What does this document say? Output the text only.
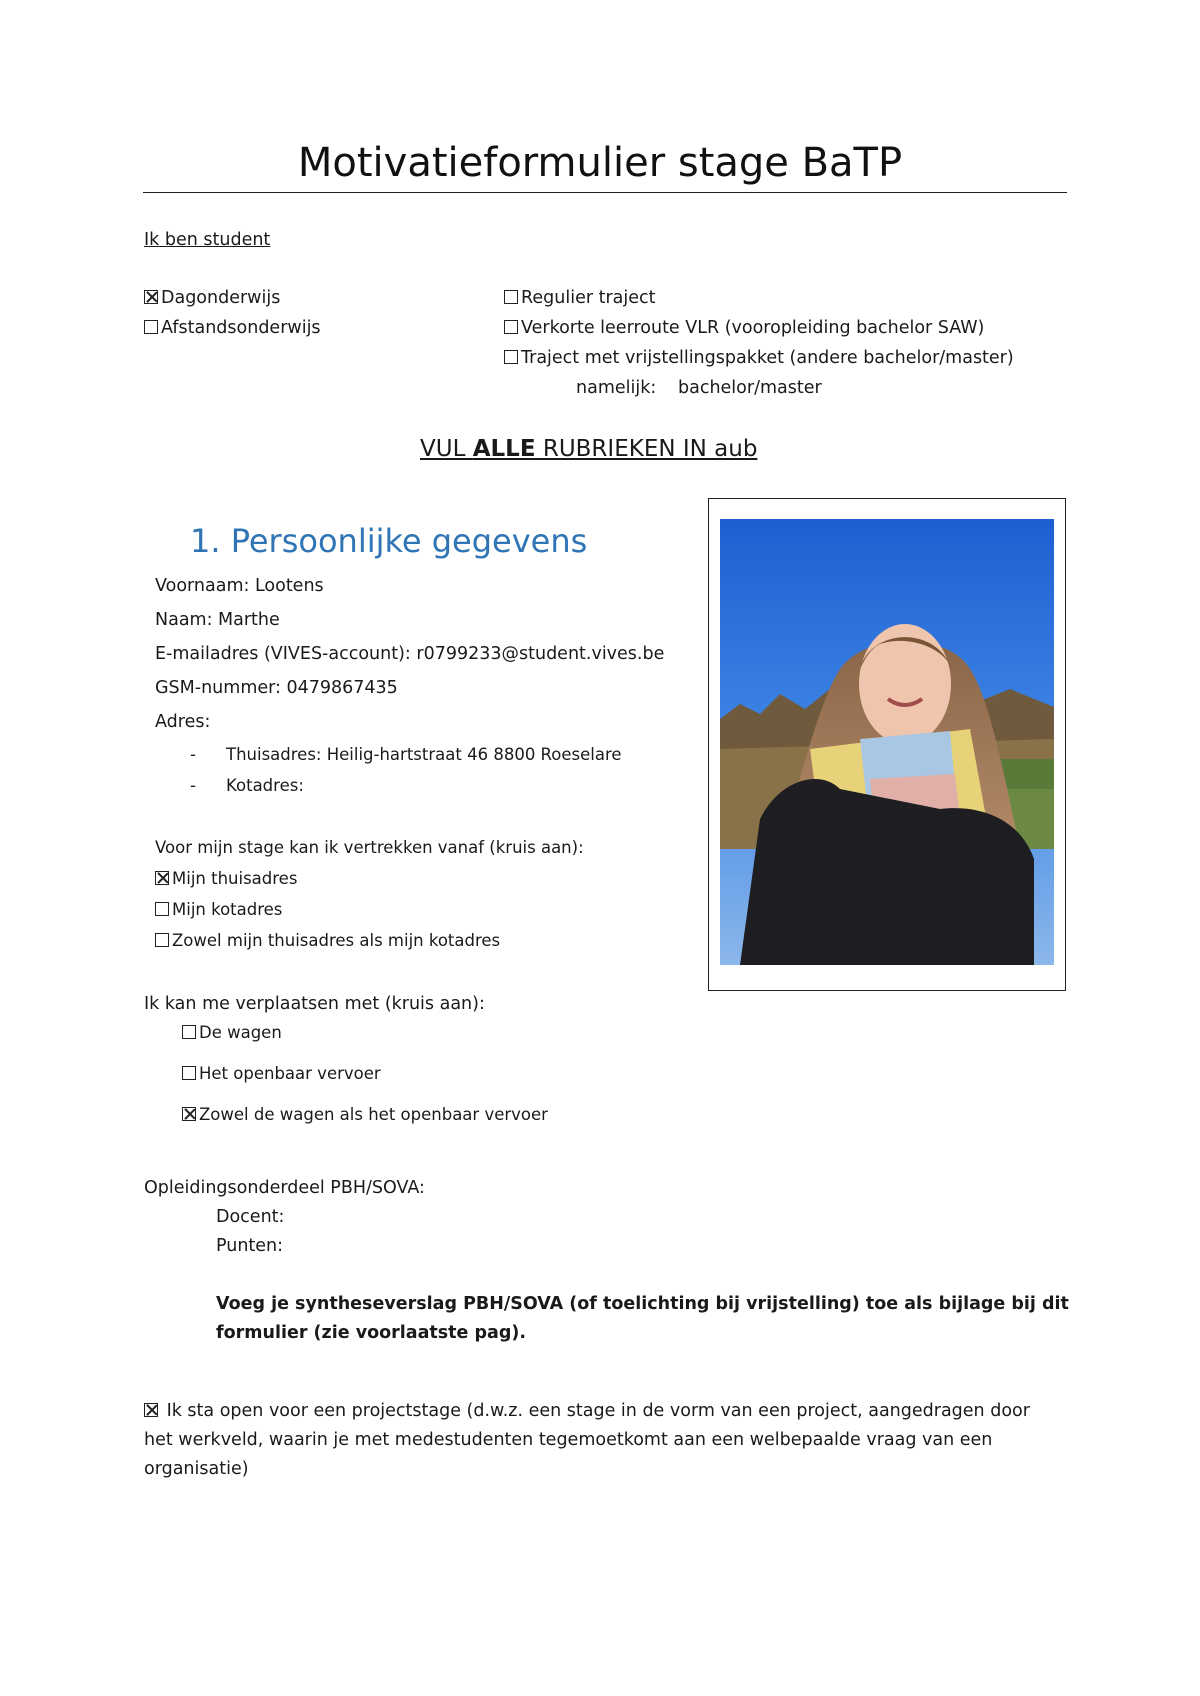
Motivatieformulier stage BaTP
Ik ben student
Dagonderwijs
Afstandsonderwijs
Regulier traject
Verkorte leerroute VLR (vooropleiding bachelor SAW)
Traject met vrijstellingspakket (andere bachelor/master)
namelijk: bachelor/master
VUL ALLE RUBRIEKEN IN aub
1. Persoonlijke gegevens
Voornaam: Lootens
Naam: Marthe
E-mailadres (VIVES-account): r0799233@student.vives.be
GSM-nummer: 0479867435
Adres:
- Thuisadres: Heilig-hartstraat 46 8800 Roeselare
- Kotadres:
Voor mijn stage kan ik vertrekken vanaf (kruis aan):
Mijn thuisadres
Mijn kotadres
Zowel mijn thuisadres als mijn kotadres
Ik kan me verplaatsen met (kruis aan):
De wagen
Het openbaar vervoer
Zowel de wagen als het openbaar vervoer
Opleidingsonderdeel PBH/SOVA:
Docent:
Punten:
Voeg je syntheseverslag PBH/SOVA (of toelichting bij vrijstelling) toe als bijlage bij dit
formulier (zie voorlaatste pag).
Ik sta open voor een projectstage (d.w.z. een stage in de vorm van een project, aangedragen door
het werkveld, waarin je met medestudenten tegemoetkomt aan een welbepaalde vraag van een
organisatie)
